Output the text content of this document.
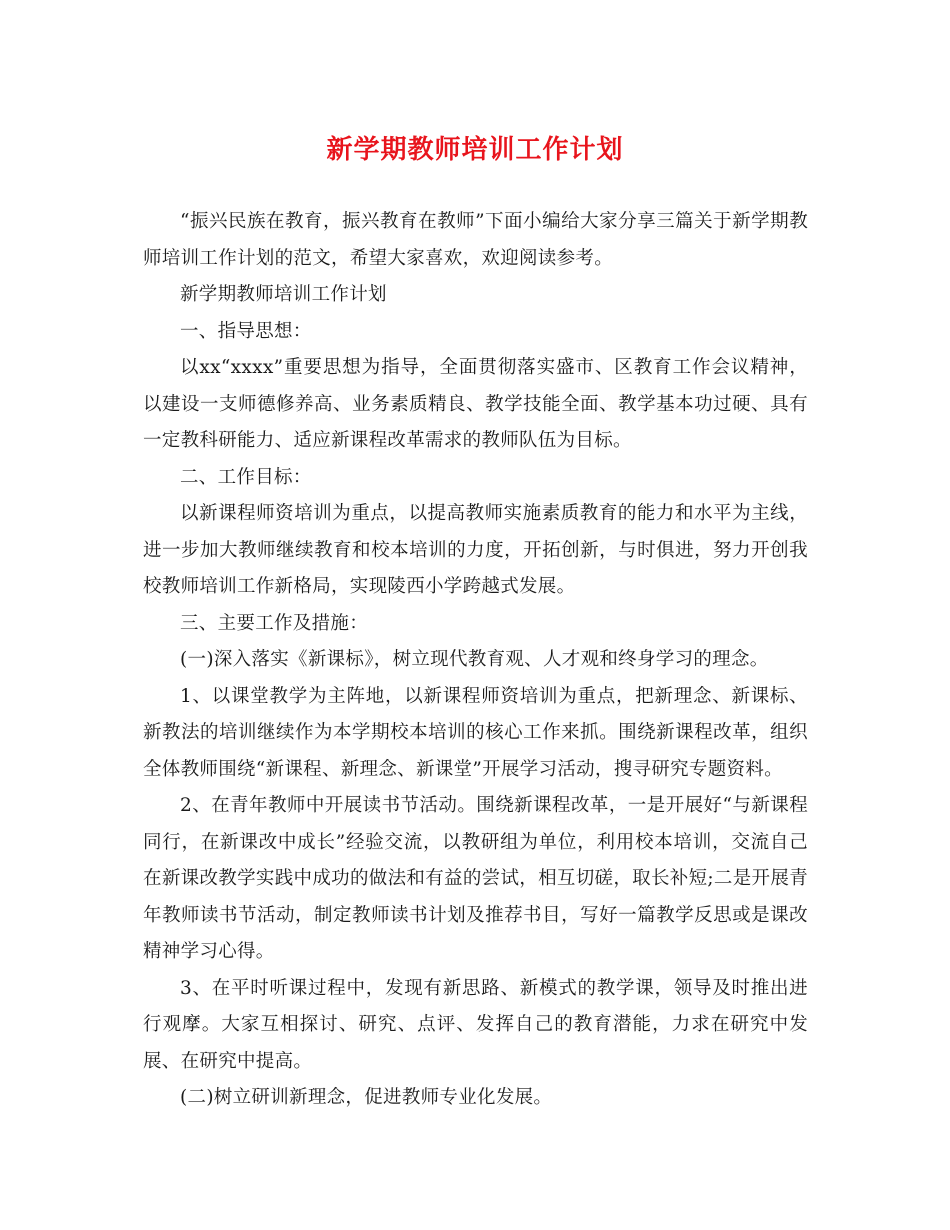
新学期教师培训工作计划

“振兴民族在教育，振兴教育在教师”下面小编给大家分享三篇关于新学期教师培训工作计划的范文，希望大家喜欢，欢迎阅读参考。

新学期教师培训工作计划

一、指导思想：

以xx“xxxx”重要思想为指导，全面贯彻落实盛市、区教育工作会议精神，以建设一支师德修养高、业务素质精良、教学技能全面、教学基本功过硬、具有一定教科研能力、适应新课程改革需求的教师队伍为目标。

二、工作目标：

以新课程师资培训为重点，以提高教师实施素质教育的能力和水平为主线，进一步加大教师继续教育和校本培训的力度，开拓创新，与时俱进，努力开创我校教师培训工作新格局，实现陵西小学跨越式发展。

三、主要工作及措施：

(一)深入落实《新课标》，树立现代教育观、人才观和终身学习的理念。

1、以课堂教学为主阵地，以新课程师资培训为重点，把新理念、新课标、新教法的培训继续作为本学期校本培训的核心工作来抓。围绕新课程改革，组织全体教师围绕“新课程、新理念、新课堂”开展学习活动，搜寻研究专题资料。

2、在青年教师中开展读书节活动。围绕新课程改革，一是开展好“与新课程同行，在新课改中成长”经验交流，以教研组为单位，利用校本培训，交流自己在新课改教学实践中成功的做法和有益的尝试，相互切磋，取长补短;二是开展青年教师读书节活动，制定教师读书计划及推荐书目，写好一篇教学反思或是课改精神学习心得。

3、在平时听课过程中，发现有新思路、新模式的教学课，领导及时推出进行观摩。大家互相探讨、研究、点评、发挥自己的教育潜能，力求在研究中发展、在研究中提高。

(二)树立研训新理念，促进教师专业化发展。
